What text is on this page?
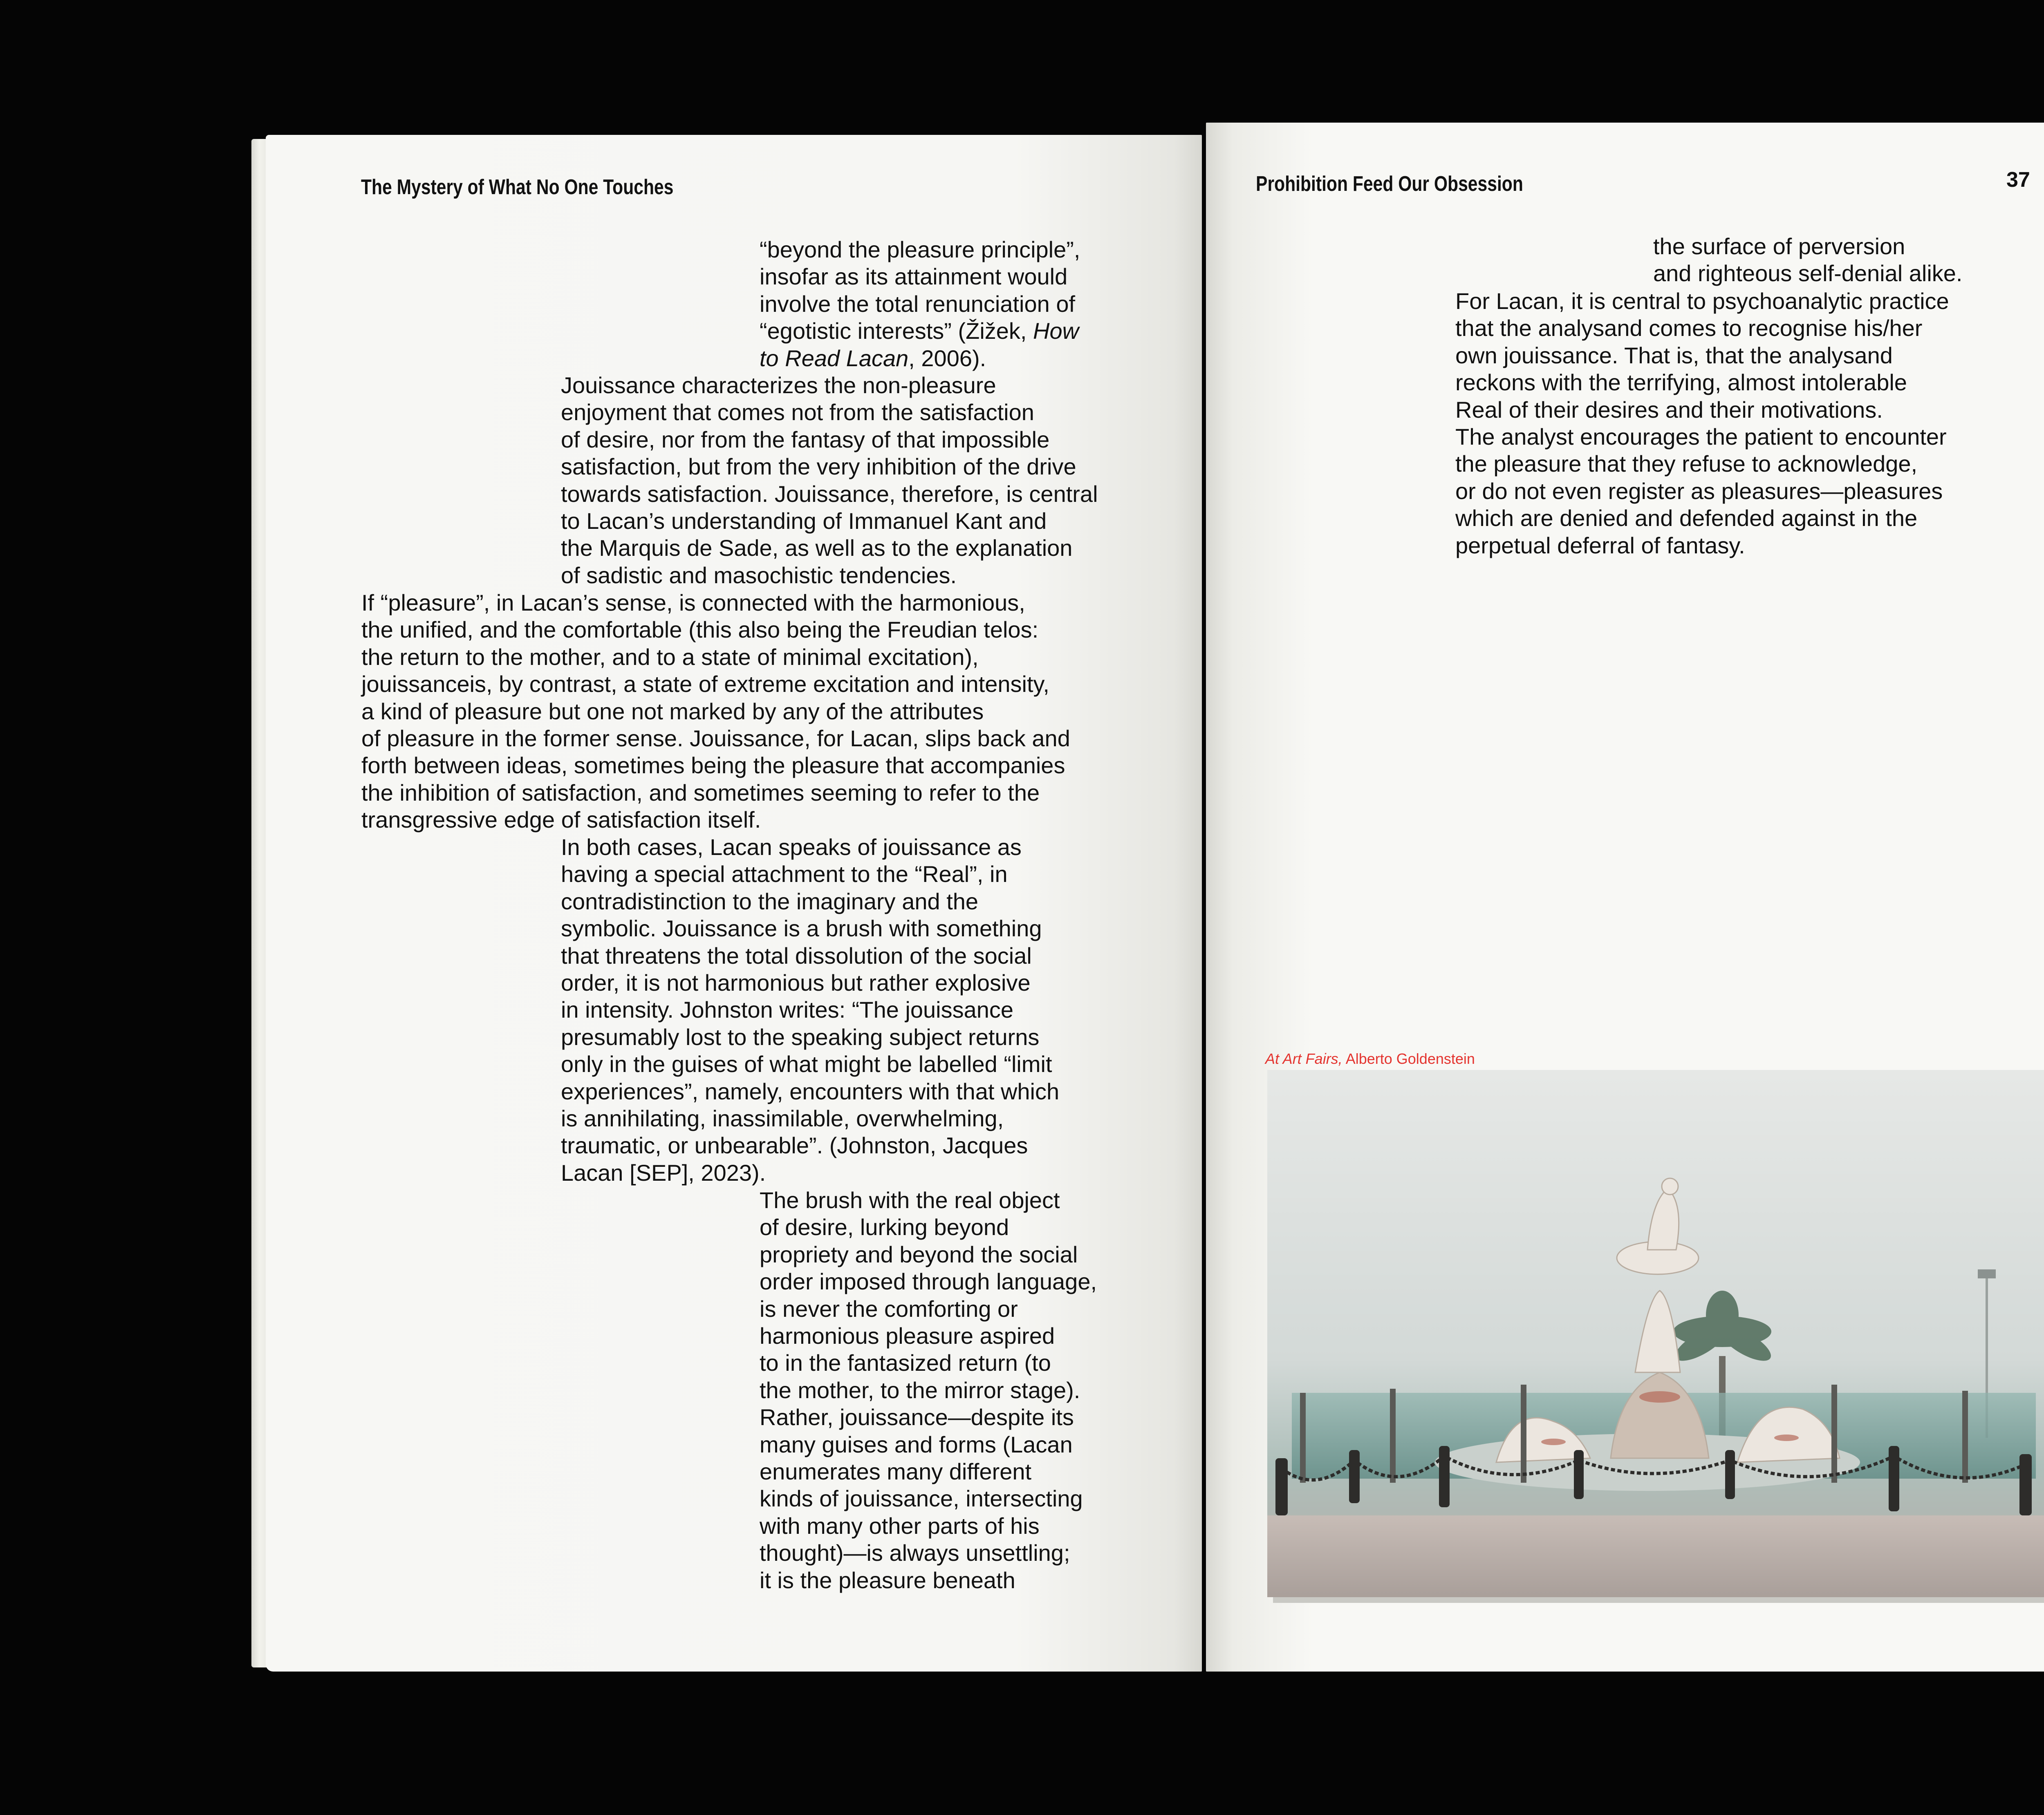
The Mystery of What No One Touches
“beyond the pleasure principle”,
insofar as its attainment would
involve the total renunciation of
“egotistic interests” (Žižek, How
to Read Lacan, 2006).
Jouissance characterizes the non-pleasure
enjoyment that comes not from the satisfaction
of desire, nor from the fantasy of that impossible
satisfaction, but from the very inhibition of the drive
towards satisfaction. Jouissance, therefore, is central
to Lacan’s understanding of Immanuel Kant and
the Marquis de Sade, as well as to the explanation
of sadistic and masochistic tendencies.
If “pleasure”, in Lacan’s sense, is connected with the harmonious,
the unified, and the comfortable (this also being the Freudian telos:
the return to the mother, and to a state of minimal excitation),
jouissanceis, by contrast, a state of extreme excitation and intensity,
a kind of pleasure but one not marked by any of the attributes
of pleasure in the former sense. Jouissance, for Lacan, slips back and
forth between ideas, sometimes being the pleasure that accompanies
the inhibition of satisfaction, and sometimes seeming to refer to the
transgressive edge of satisfaction itself.
In both cases, Lacan speaks of jouissance as
having a special attachment to the “Real”, in
contradistinction to the imaginary and the
symbolic. Jouissance is a brush with something
that threatens the total dissolution of the social
order, it is not harmonious but rather explosive
in intensity. Johnston writes: “The jouissance
presumably lost to the speaking subject returns
only in the guises of what might be labelled “limit
experiences”, namely, encounters with that which
is annihilating, inassimilable, overwhelming,
traumatic, or unbearable”. (Johnston, Jacques
Lacan [SEP], 2023).
The brush with the real object
of desire, lurking beyond
propriety and beyond the social
order imposed through language,
is never the comforting or
harmonious pleasure aspired
to in the fantasized return (to
the mother, to the mirror stage).
Rather, jouissance—despite its
many guises and forms (Lacan
enumerates many different
kinds of jouissance, intersecting
with many other parts of his
thought)—is always unsettling;
it is the pleasure beneath
Prohibition Feed Our Obsession	37
the surface of perversion
and righteous self-denial alike.
For Lacan, it is central to psychoanalytic practice
that the analysand comes to recognise his/her
own jouissance. That is, that the analysand
reckons with the terrifying, almost intolerable
Real of their desires and their motivations.
The analyst encourages the patient to encounter
the pleasure that they refuse to acknowledge,
or do not even register as pleasures—pleasures
which are denied and defended against in the
perpetual deferral of fantasy.
At Art Fairs, Alberto Goldenstein
